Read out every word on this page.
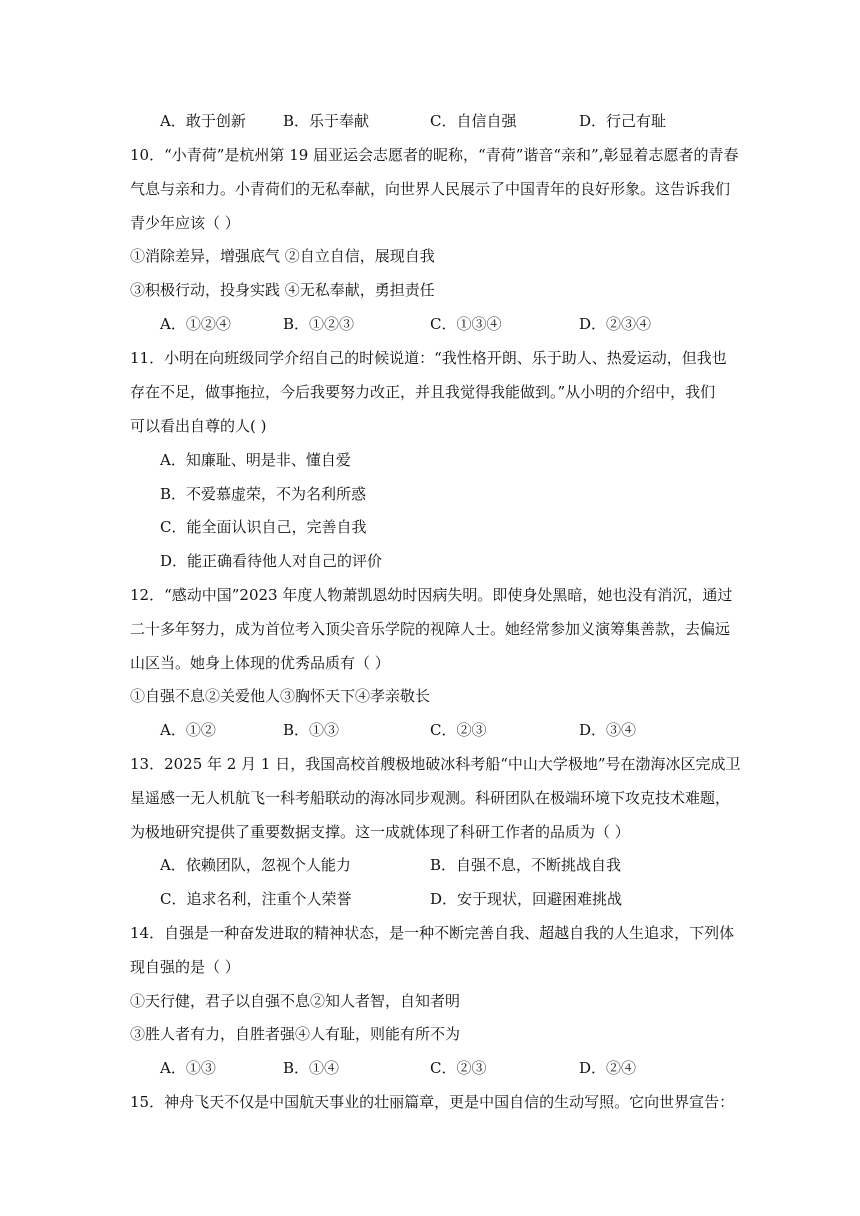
A．敢于创新 B．乐于奉献	C．自信自强	D．行己有耻
10．“小青荷”是杭州第 19 届亚运会志愿者的昵称，“青荷”谐音“亲和”,彰显着志愿者的青春
气息与亲和力。小青荷们的无私奉献，向世界人民展示了中国青年的良好形象。这告诉我们
青少年应该（ ）
①消除差异，增强底气 ②自立自信，展现自我
③积极行动，投身实践 ④无私奉献，勇担责任
A．①②④	B．①②③	C．①③④	D．②③④
11．小明在向班级同学介绍自己的时候说道：“我性格开朗、乐于助人、热爱运动，但我也
存在不足，做事拖拉，今后我要努力改正，并且我觉得我能做到。”从小明的介绍中，我们
可以看出自尊的人( )
A．知廉耻、明是非、懂自爱
B．不爱慕虚荣，不为名利所惑
C．能全面认识自己，完善自我
D．能正确看待他人对自己的评价
12．“感动中国”2023 年度人物萧凯恩幼时因病失明。即使身处黑暗，她也没有消沉，通过
二十多年努力，成为首位考入顶尖音乐学院的视障人士。她经常参加义演筹集善款，去偏远
山区当。她身上体现的优秀品质有（ ）
①自强不息②关爱他人③胸怀天下④孝亲敬长
A．①②	B．①③	C．②③	D．③④
13．2025 年 2 月 1 日，我国高校首艘极地破冰科考船“中山大学极地”号在渤海冰区完成卫
星遥感一无人机航飞一科考船联动的海冰同步观测。科研团队在极端环境下攻克技术难题，
为极地研究提供了重要数据支撑。这一成就体现了科研工作者的品质为（ ）
A．依赖团队，忽视个人能力	B．自强不息，不断挑战自我
C．追求名利，注重个人荣誉	D．安于现状，回避困难挑战
14．自强是一种奋发进取的精神状态，是一种不断完善自我、超越自我的人生追求，下列体
现自强的是（ ）
①天行健，君子以自强不息②知人者智，自知者明
③胜人者有力，自胜者强④人有耻，则能有所不为
A．①③	B．①④	C．②③	D．②④
15．神舟飞天不仅是中国航天事业的壮丽篇章，更是中国自信的生动写照。它向世界宣告：
